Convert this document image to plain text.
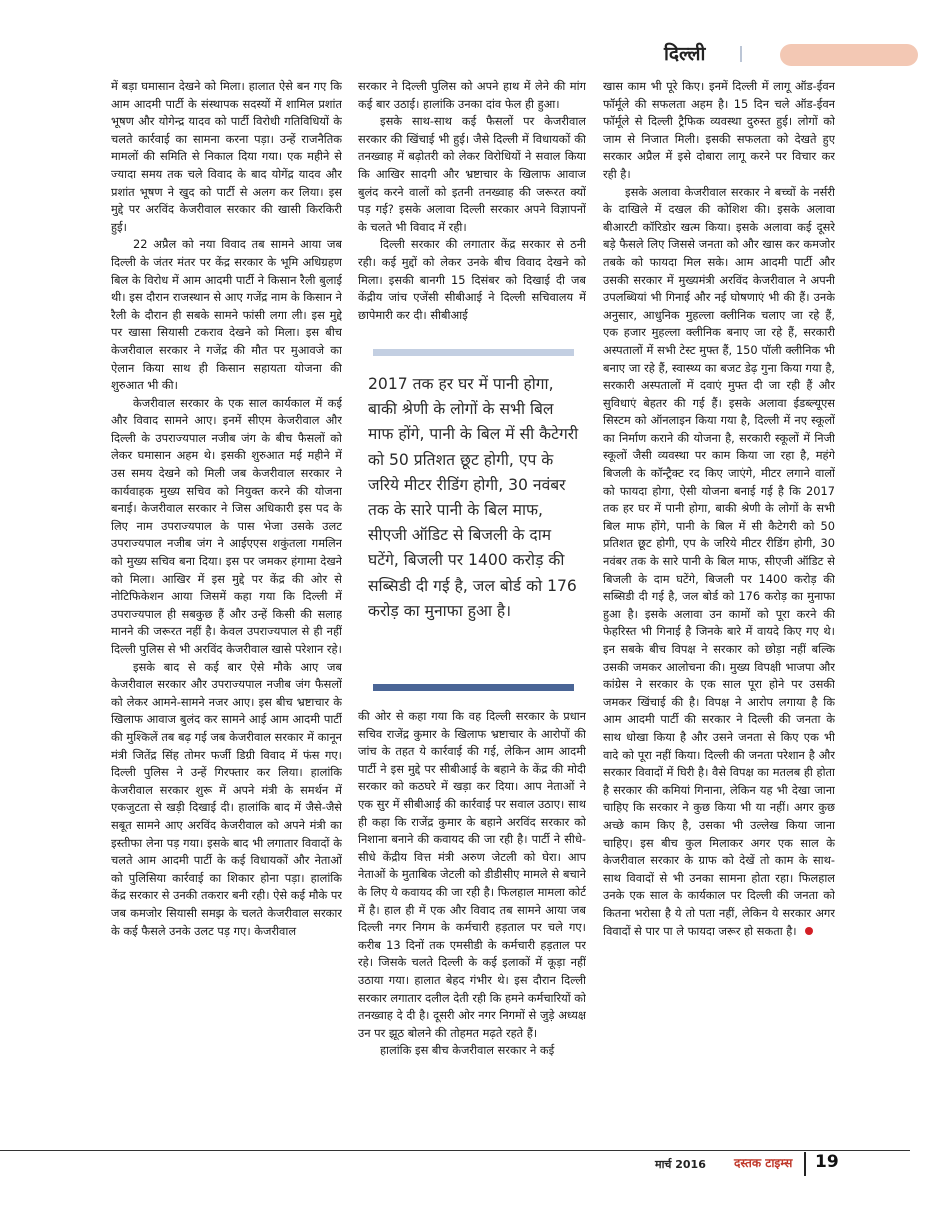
दिल्ली

में बड़ा घमासान देखने को मिला। हालात ऐसे बन गए कि आम आदमी पार्टी के संस्थापक सदस्यों में शामिल प्रशांत भूषण और योगेन्द्र यादव को पार्टी विरोधी गतिविधियों के चलते कार्रवाई का सामना करना पड़ा। उन्हें राजनैतिक मामलों की समिति से निकाल दिया गया। एक महीने से ज्यादा समय तक चले विवाद के बाद योगेंद्र यादव और प्रशांत भूषण ने खुद को पार्टी से अलग कर लिया। इस मुद्दे पर अरविंद केजरीवाल सरकार की खासी किरकिरी हुई।

22 अप्रैल को नया विवाद तब सामने आया जब दिल्ली के जंतर मंतर पर केंद्र सरकार के भूमि अधिग्रहण बिल के विरोध में आम आदमी पार्टी ने किसान रैली बुलाई थी। इस दौरान राजस्थान से आए गजेंद्र नाम के किसान ने रैली के दौरान ही सबके सामने फांसी लगा ली। इस मुद्दे पर खासा सियासी टकराव देखने को मिला। इस बीच केजरीवाल सरकार ने गजेंद्र की मौत पर मुआवजे का ऐलान किया साथ ही किसान सहायता योजना की शुरुआत भी की।

केजरीवाल सरकार के एक साल कार्यकाल में कई और विवाद सामने आए। इनमें सीएम केजरीवाल और दिल्ली के उपराज्यपाल नजीब जंग के बीच फैसलों को लेकर घमासान अहम थे। इसकी शुरुआत मई महीने में उस समय देखने को मिली जब केजरीवाल सरकार ने कार्यवाहक मुख्य सचिव को नियुक्त करने की योजना बनाई। केजरीवाल सरकार ने जिस अधिकारी इस पद के लिए नाम उपराज्यपाल के पास भेजा उसके उलट उपराज्यपाल नजीब जंग ने आईएएस शकुंतला गमलिन को मुख्य सचिव बना दिया। इस पर जमकर हंगामा देखने को मिला। आखिर में इस मुद्दे पर केंद्र की ओर से नोटिफिकेशन आया जिसमें कहा गया कि दिल्ली में उपराज्यपाल ही सबकुछ हैं और उन्हें किसी की सलाह मानने की जरूरत नहीं है। केवल उपराज्यपाल से ही नहीं दिल्ली पुलिस से भी अरविंद केजरीवाल खासे परेशान रहे।

इसके बाद से कई बार ऐसे मौके आए जब केजरीवाल सरकार और उपराज्यपाल नजीब जंग फैसलों को लेकर आमने-सामने नजर आए। इस बीच भ्रष्टाचार के खिलाफ आवाज बुलंद कर सामने आई आम आदमी पार्टी की मुश्किलें तब बढ़ गई जब केजरीवाल सरकार में कानून मंत्री जितेंद्र सिंह तोमर फर्जी डिग्री विवाद में फंस गए। दिल्ली पुलिस ने उन्हें गिरफ्तार कर लिया। हालांकि केजरीवाल सरकार शुरू में अपने मंत्री के समर्थन में एकजुटता से खड़ी दिखाई दी। हालांकि बाद में जैसे-जैसे सबूत सामने आए अरविंद केजरीवाल को अपने मंत्री का इस्तीफा लेना पड़ गया। इसके बाद भी लगातार विवादों के चलते आम आदमी पार्टी के कई विधायकों और नेताओं को पुलिसिया कार्रवाई का शिकार होना पड़ा। हालांकि केंद्र सरकार से उनकी तकरार बनी रही। ऐसे कई मौके पर जब कमजोर सियासी समझ के चलते केजरीवाल सरकार के कई फैसले उनके उलट पड़ गए। केजरीवाल

सरकार ने दिल्ली पुलिस को अपने हाथ में लेने की मांग कई बार उठाई। हालांकि उनका दांव फेल ही हुआ।

इसके साथ-साथ कई फैसलों पर केजरीवाल सरकार की खिंचाई भी हुई। जैसे दिल्ली में विधायकों की तनख्वाह में बढ़ोतरी को लेकर विरोधियों ने सवाल किया कि आखिर सादगी और भ्रष्टाचार के खिलाफ आवाज बुलंद करने वालों को इतनी तनख्वाह की जरूरत क्यों पड़ गई? इसके अलावा दिल्ली सरकार अपने विज्ञापनों के चलते भी विवाद में रही।

दिल्ली सरकार की लगातार केंद्र सरकार से ठनी रही। कई मुद्दों को लेकर उनके बीच विवाद देखने को मिला। इसकी बानगी 15 दिसंबर को दिखाई दी जब केंद्रीय जांच एजेंसी सीबीआई ने दिल्ली सचिवालय में छापेमारी कर दी। सीबीआई

2017 तक हर घर में पानी होगा, बाकी श्रेणी के लोगों के सभी बिल माफ होंगे, पानी के बिल में सी कैटेगरी को 50 प्रतिशत छूट होगी, एप के जरिये मीटर रीडिंग होगी, 30 नवंबर तक के सारे पानी के बिल माफ, सीएजी ऑडिट से बिजली के दाम घटेंगे, बिजली पर 1400 करोड़ की सब्सिडी दी गई है, जल बोर्ड को 176 करोड़ का मुनाफा हुआ है।

की ओर से कहा गया कि वह दिल्ली सरकार के प्रधान सचिव राजेंद्र कुमार के खिलाफ भ्रष्टाचार के आरोपों की जांच के तहत ये कार्रवाई की गई, लेकिन आम आदमी पार्टी ने इस मुद्दे पर सीबीआई के बहाने के केंद्र की मोदी सरकार को कठघरे में खड़ा कर दिया। आप नेताओं ने एक सुर में सीबीआई की कार्रवाई पर सवाल उठाए। साथ ही कहा कि राजेंद्र कुमार के बहाने अरविंद सरकार को निशाना बनाने की कवायद की जा रही है। पार्टी ने सीधे-सीधे केंद्रीय वित्त मंत्री अरुण जेटली को घेरा। आप नेताओं के मुताबिक जेटली को डीडीसीए मामले से बचाने के लिए ये कवायद की जा रही है। फिलहाल मामला कोर्ट में है। हाल ही में एक और विवाद तब सामने आया जब दिल्ली नगर निगम के कर्मचारी हड़ताल पर चले गए। करीब 13 दिनों तक एमसीडी के कर्मचारी हड़ताल पर रहे। जिसके चलते दिल्ली के कई इलाकों में कूड़ा नहीं उठाया गया। हालात बेहद गंभीर थे। इस दौरान दिल्ली सरकार लगातार दलील देती रही कि हमने कर्मचारियों को तनख्वाह दे दी है। दूसरी ओर नगर निगमों से जुड़े अध्यक्ष उन पर झूठ बोलने की तोहमत मढ़ते रहते हैं।

हालांकि इस बीच केजरीवाल सरकार ने कई

खास काम भी पूरे किए। इनमें दिल्ली में लागू ऑड-ईवन फॉर्मूले की सफलता अहम है। 15 दिन चले ऑड-ईवन फॉर्मूले से दिल्ली ट्रैफिक व्यवस्था दुरुस्त हुई। लोगों को जाम से निजात मिली। इसकी सफलता को देखते हुए सरकार अप्रैल में इसे दोबारा लागू करने पर विचार कर रही है।

इसके अलावा केजरीवाल सरकार ने बच्चों के नर्सरी के दाखिले में दखल की कोशिश की। इसके अलावा बीआरटी कॉरिडोर खत्म किया। इसके अलावा कई दूसरे बड़े फैसले लिए जिससे जनता को और खास कर कमजोर तबके को फायदा मिल सके। आम आदमी पार्टी और उसकी सरकार में मुख्यमंत्री अरविंद केजरीवाल ने अपनी उपलब्धियां भी गिनाई और नई घोषणाएं भी की हैं। उनके अनुसार, आधुनिक मुहल्ला क्लीनिक चलाए जा रहे हैं, एक हजार मुहल्ला क्लीनिक बनाए जा रहे हैं, सरकारी अस्पतालों में सभी टेस्ट मुफ्त हैं, 150 पॉली क्लीनिक भी बनाए जा रहे हैं, स्वास्थ्य का बजट डेढ़ गुना किया गया है, सरकारी अस्पतालों में दवाएं मुफ्त दी जा रही हैं और सुविधाएं बेहतर की गई हैं। इसके अलावा ईडब्ल्यूएस सिस्टम को ऑनलाइन किया गया है, दिल्ली में नए स्कूलों का निर्माण कराने की योजना है, सरकारी स्कूलों में निजी स्कूलों जैसी व्यवस्था पर काम किया जा रहा है, महंगे बिजली के कॉन्ट्रैक्ट रद किए जाएंगे, मीटर लगाने वालों को फायदा होगा, ऐसी योजना बनाई गई है कि 2017 तक हर घर में पानी होगा, बाकी श्रेणी के लोगों के सभी बिल माफ होंगे, पानी के बिल में सी कैटेगरी को 50 प्रतिशत छूट होगी, एप के जरिये मीटर रीडिंग होगी, 30 नवंबर तक के सारे पानी के बिल माफ, सीएजी ऑडिट से बिजली के दाम घटेंगे, बिजली पर 1400 करोड़ की सब्सिडी दी गई है, जल बोर्ड को 176 करोड़ का मुनाफा हुआ है। इसके अलावा उन कामों को पूरा करने की फेहरिस्त भी गिनाई है जिनके बारे में वायदे किए गए थे। इन सबके बीच विपक्ष ने सरकार को छोड़ा नहीं बल्कि उसकी जमकर आलोचना की। मुख्य विपक्षी भाजपा और कांग्रेस ने सरकार के एक साल पूरा होने पर उसकी जमकर खिंचाई की है। विपक्ष ने आरोप लगाया है कि आम आदमी पार्टी की सरकार ने दिल्ली की जनता के साथ धोखा किया है और उसने जनता से किए एक भी वादे को पूरा नहीं किया। दिल्ली की जनता परेशान है और सरकार विवादों में घिरी है। वैसे विपक्ष का मतलब ही होता है सरकार की कमियां गिनाना, लेकिन यह भी देखा जाना चाहिए कि सरकार ने कुछ किया भी या नहीं। अगर कुछ अच्छे काम किए है, उसका भी उल्लेख किया जाना चाहिए। इस बीच कुल मिलाकर अगर एक साल के केजरीवाल सरकार के ग्राफ को देखें तो काम के साथ-साथ विवादों से भी उनका सामना होता रहा। फिलहाल उनके एक साल के कार्यकाल पर दिल्ली की जनता को कितना भरोसा है ये तो पता नहीं, लेकिन ये सरकार अगर विवादों से पार पा ले फायदा जरूर हो सकता है।

मार्च 2016 दस्तक टाइम्स 19
